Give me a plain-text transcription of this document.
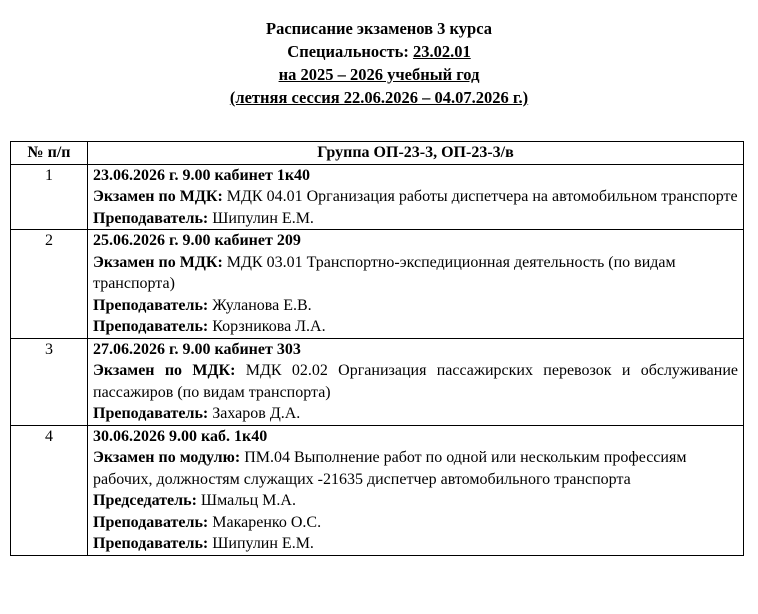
Расписание экзаменов 3 курса
Специальность: 23.02.01
на 2025 – 2026 учебный год
(летняя сессия 22.06.2026 – 04.07.2026 г.)
№ п/п	Группа ОП-23-3, ОП-23-3/в
1	23.06.2026 г. 9.00 кабинет 1к40
Экзамен по МДК: МДК 04.01 Организация работы диспетчера на автомобильном транспорте
Преподаватель: Шипулин Е.М.

2	25.06.2026 г. 9.00 кабинет 209
Экзамен по МДК: МДК 03.01 Транспортно-экспедиционная деятельность (по видам транспорта)
Преподаватель: Жуланова Е.В.
Преподаватель: Корзникова Л.А.

3	27.06.2026 г. 9.00 кабинет 303
Экзамен по МДК: МДК 02.02 Организация пассажирских перевозок и обслуживание пассажиров (по видам транспорта)
Преподаватель: Захаров Д.А.

4	30.06.2026 9.00 каб. 1к40
Экзамен по модулю: ПМ.04 Выполнение работ по одной или нескольким профессиям рабочих, должностям служащих -21635 диспетчер автомобильного транспорта
Председатель: Шмальц М.А.
Преподаватель: Макаренко О.С.
Преподаватель: Шипулин Е.М.
